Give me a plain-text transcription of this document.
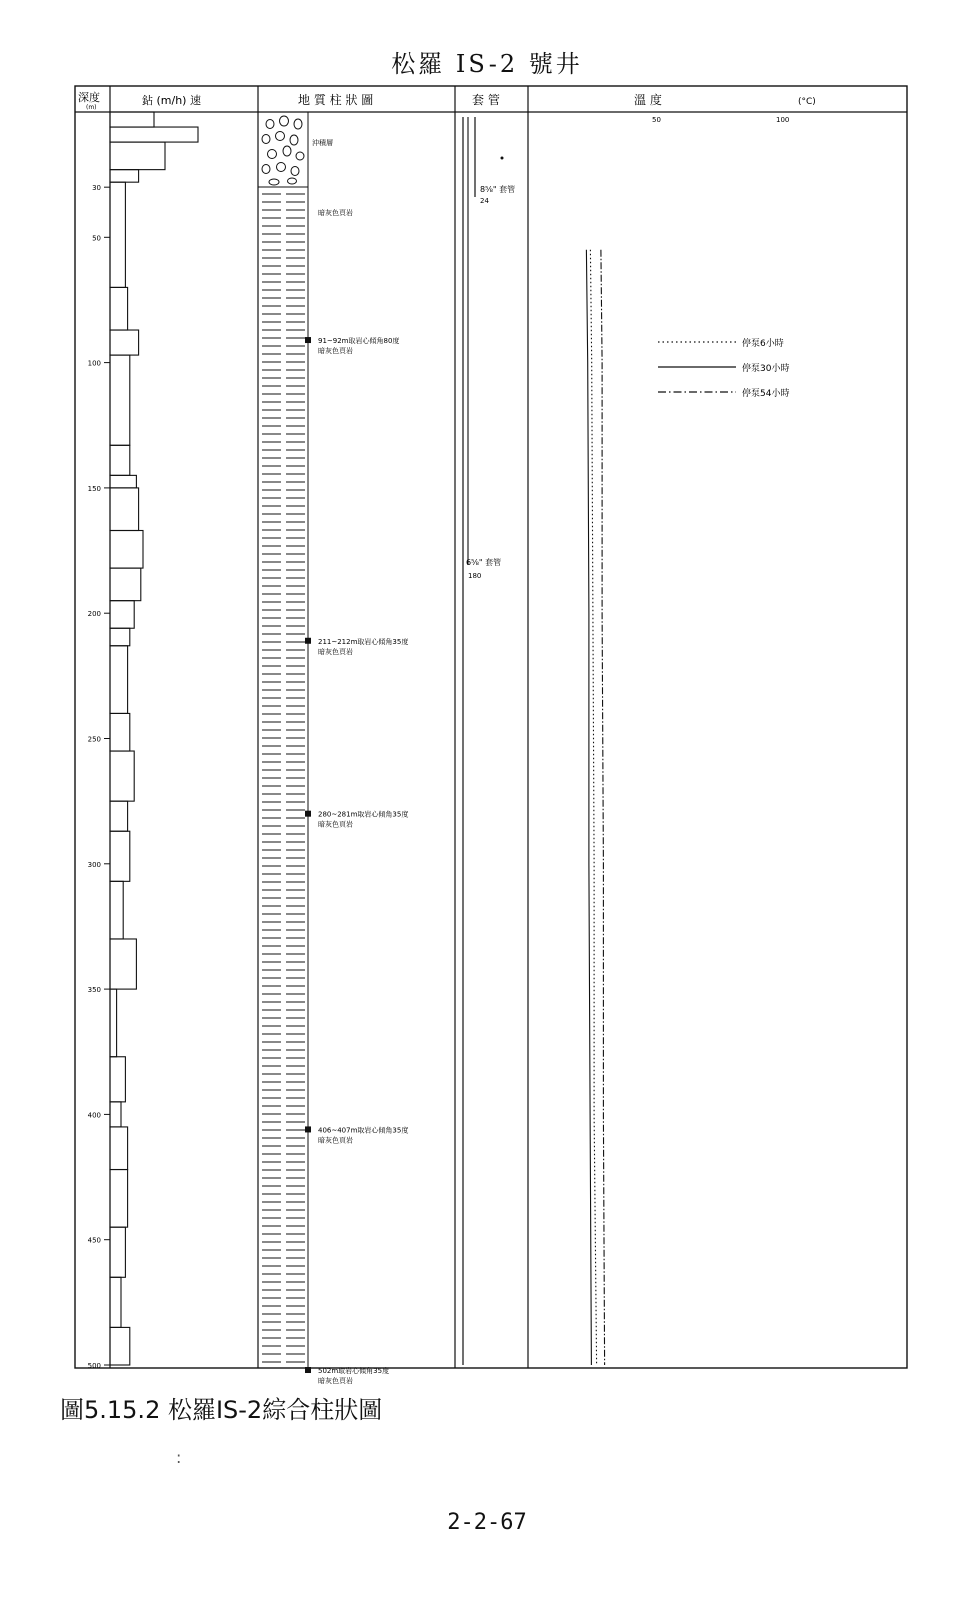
松羅 IS-2 號井
深度
(m)
鉆 (m/h) 速	地 質 柱 狀 圖	套 管	溫 度	(°C)
50	100
沖積層
暗灰色頁岩
91~92m取岩心傾角80度
暗灰色頁岩
211~212m取岩心傾角35度
暗灰色頁岩
280~281m取岩心傾角35度
暗灰色頁岩
406~407m取岩心傾角35度
暗灰色頁岩
502m取岩心傾角35度
暗灰色頁岩
30
50
100
150
200
250
300
350
400
450
500
8⅝" 套管
24
6⅝" 套管
180
停泵6小時
停泵30小時
停泵54小時
圖5.15.2 松羅IS-2綜合柱狀圖
:
2-2-67
